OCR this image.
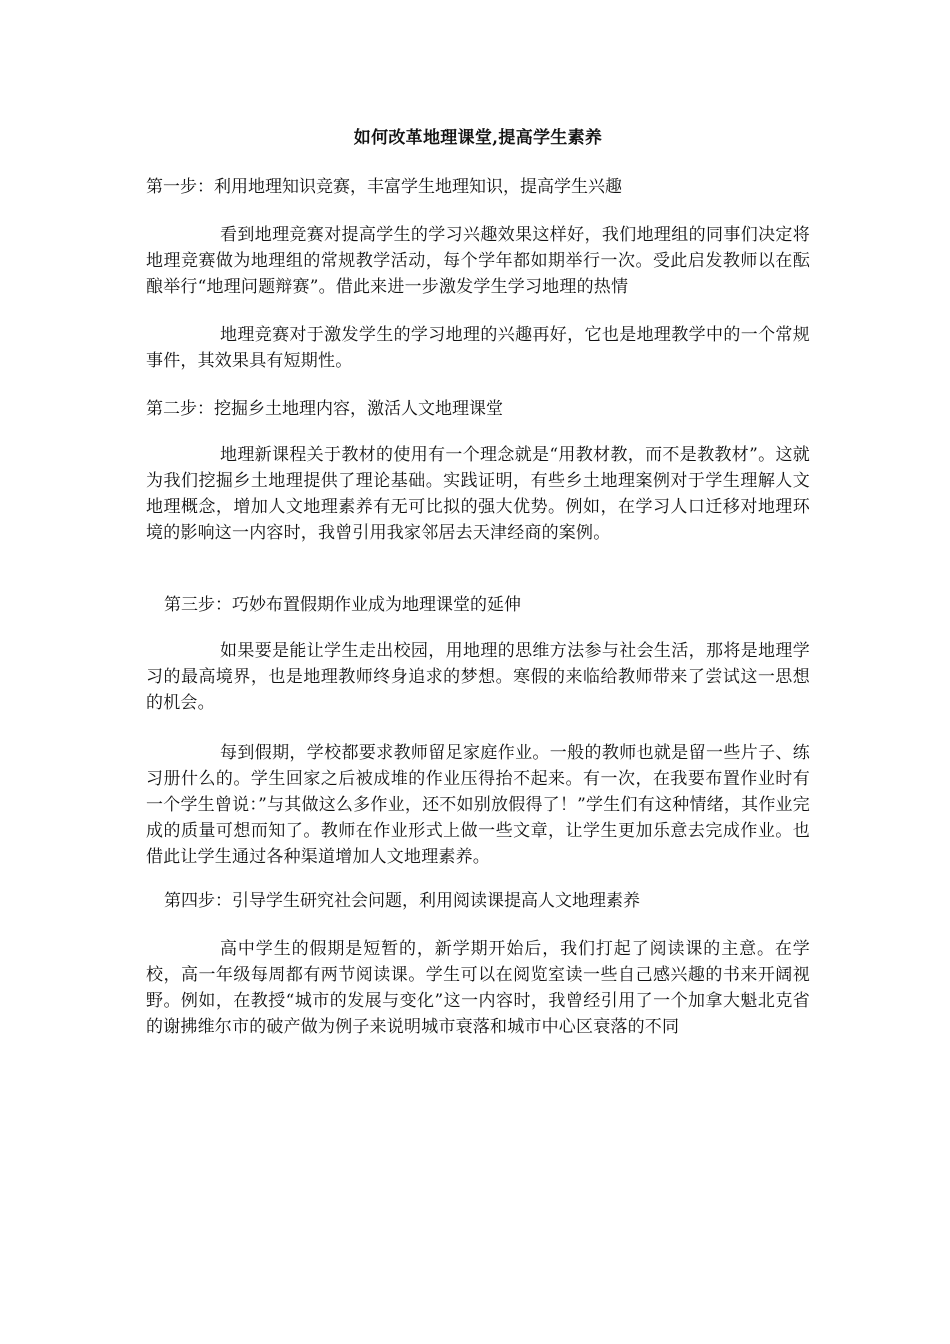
如何改革地理课堂,提高学生素养

第一步：利用地理知识竞赛，丰富学生地理知识，提高学生兴趣

看到地理竞赛对提高学生的学习兴趣效果这样好，我们地理组的同事们决定将地理竞赛做为地理组的常规教学活动，每个学年都如期举行一次。受此启发教师以在酝酿举行“地理问题辩赛”。借此来进一步激发学生学习地理的热情

地理竞赛对于激发学生的学习地理的兴趣再好，它也是地理教学中的一个常规事件，其效果具有短期性。

第二步：挖掘乡土地理内容，激活人文地理课堂

地理新课程关于教材的使用有一个理念就是“用教材教，而不是教教材”。这就为我们挖掘乡土地理提供了理论基础。实践证明，有些乡土地理案例对于学生理解人文地理概念，增加人文地理素养有无可比拟的强大优势。例如，在学习人口迁移对地理环境的影响这一内容时，我曾引用我家邻居去天津经商的案例。

第三步：巧妙布置假期作业成为地理课堂的延伸

如果要是能让学生走出校园，用地理的思维方法参与社会生活，那将是地理学习的最高境界，也是地理教师终身追求的梦想。寒假的来临给教师带来了尝试这一思想的机会。

每到假期，学校都要求教师留足家庭作业。一般的教师也就是留一些片子、练习册什么的。学生回家之后被成堆的作业压得抬不起来。有一次，在我要布置作业时有一个学生曾说：”与其做这么多作业，还不如别放假得了！”学生们有这种情绪，其作业完成的质量可想而知了。教师在作业形式上做一些文章，让学生更加乐意去完成作业。也借此让学生通过各种渠道增加人文地理素养。

第四步：引导学生研究社会问题，利用阅读课提高人文地理素养

高中学生的假期是短暂的，新学期开始后，我们打起了阅读课的主意。在学校，高一年级每周都有两节阅读课。学生可以在阅览室读一些自己感兴趣的书来开阔视野。例如，在教授“城市的发展与变化”这一内容时，我曾经引用了一个加拿大魁北克省的谢拂维尔市的破产做为例子来说明城市衰落和城市中心区衰落的不同
